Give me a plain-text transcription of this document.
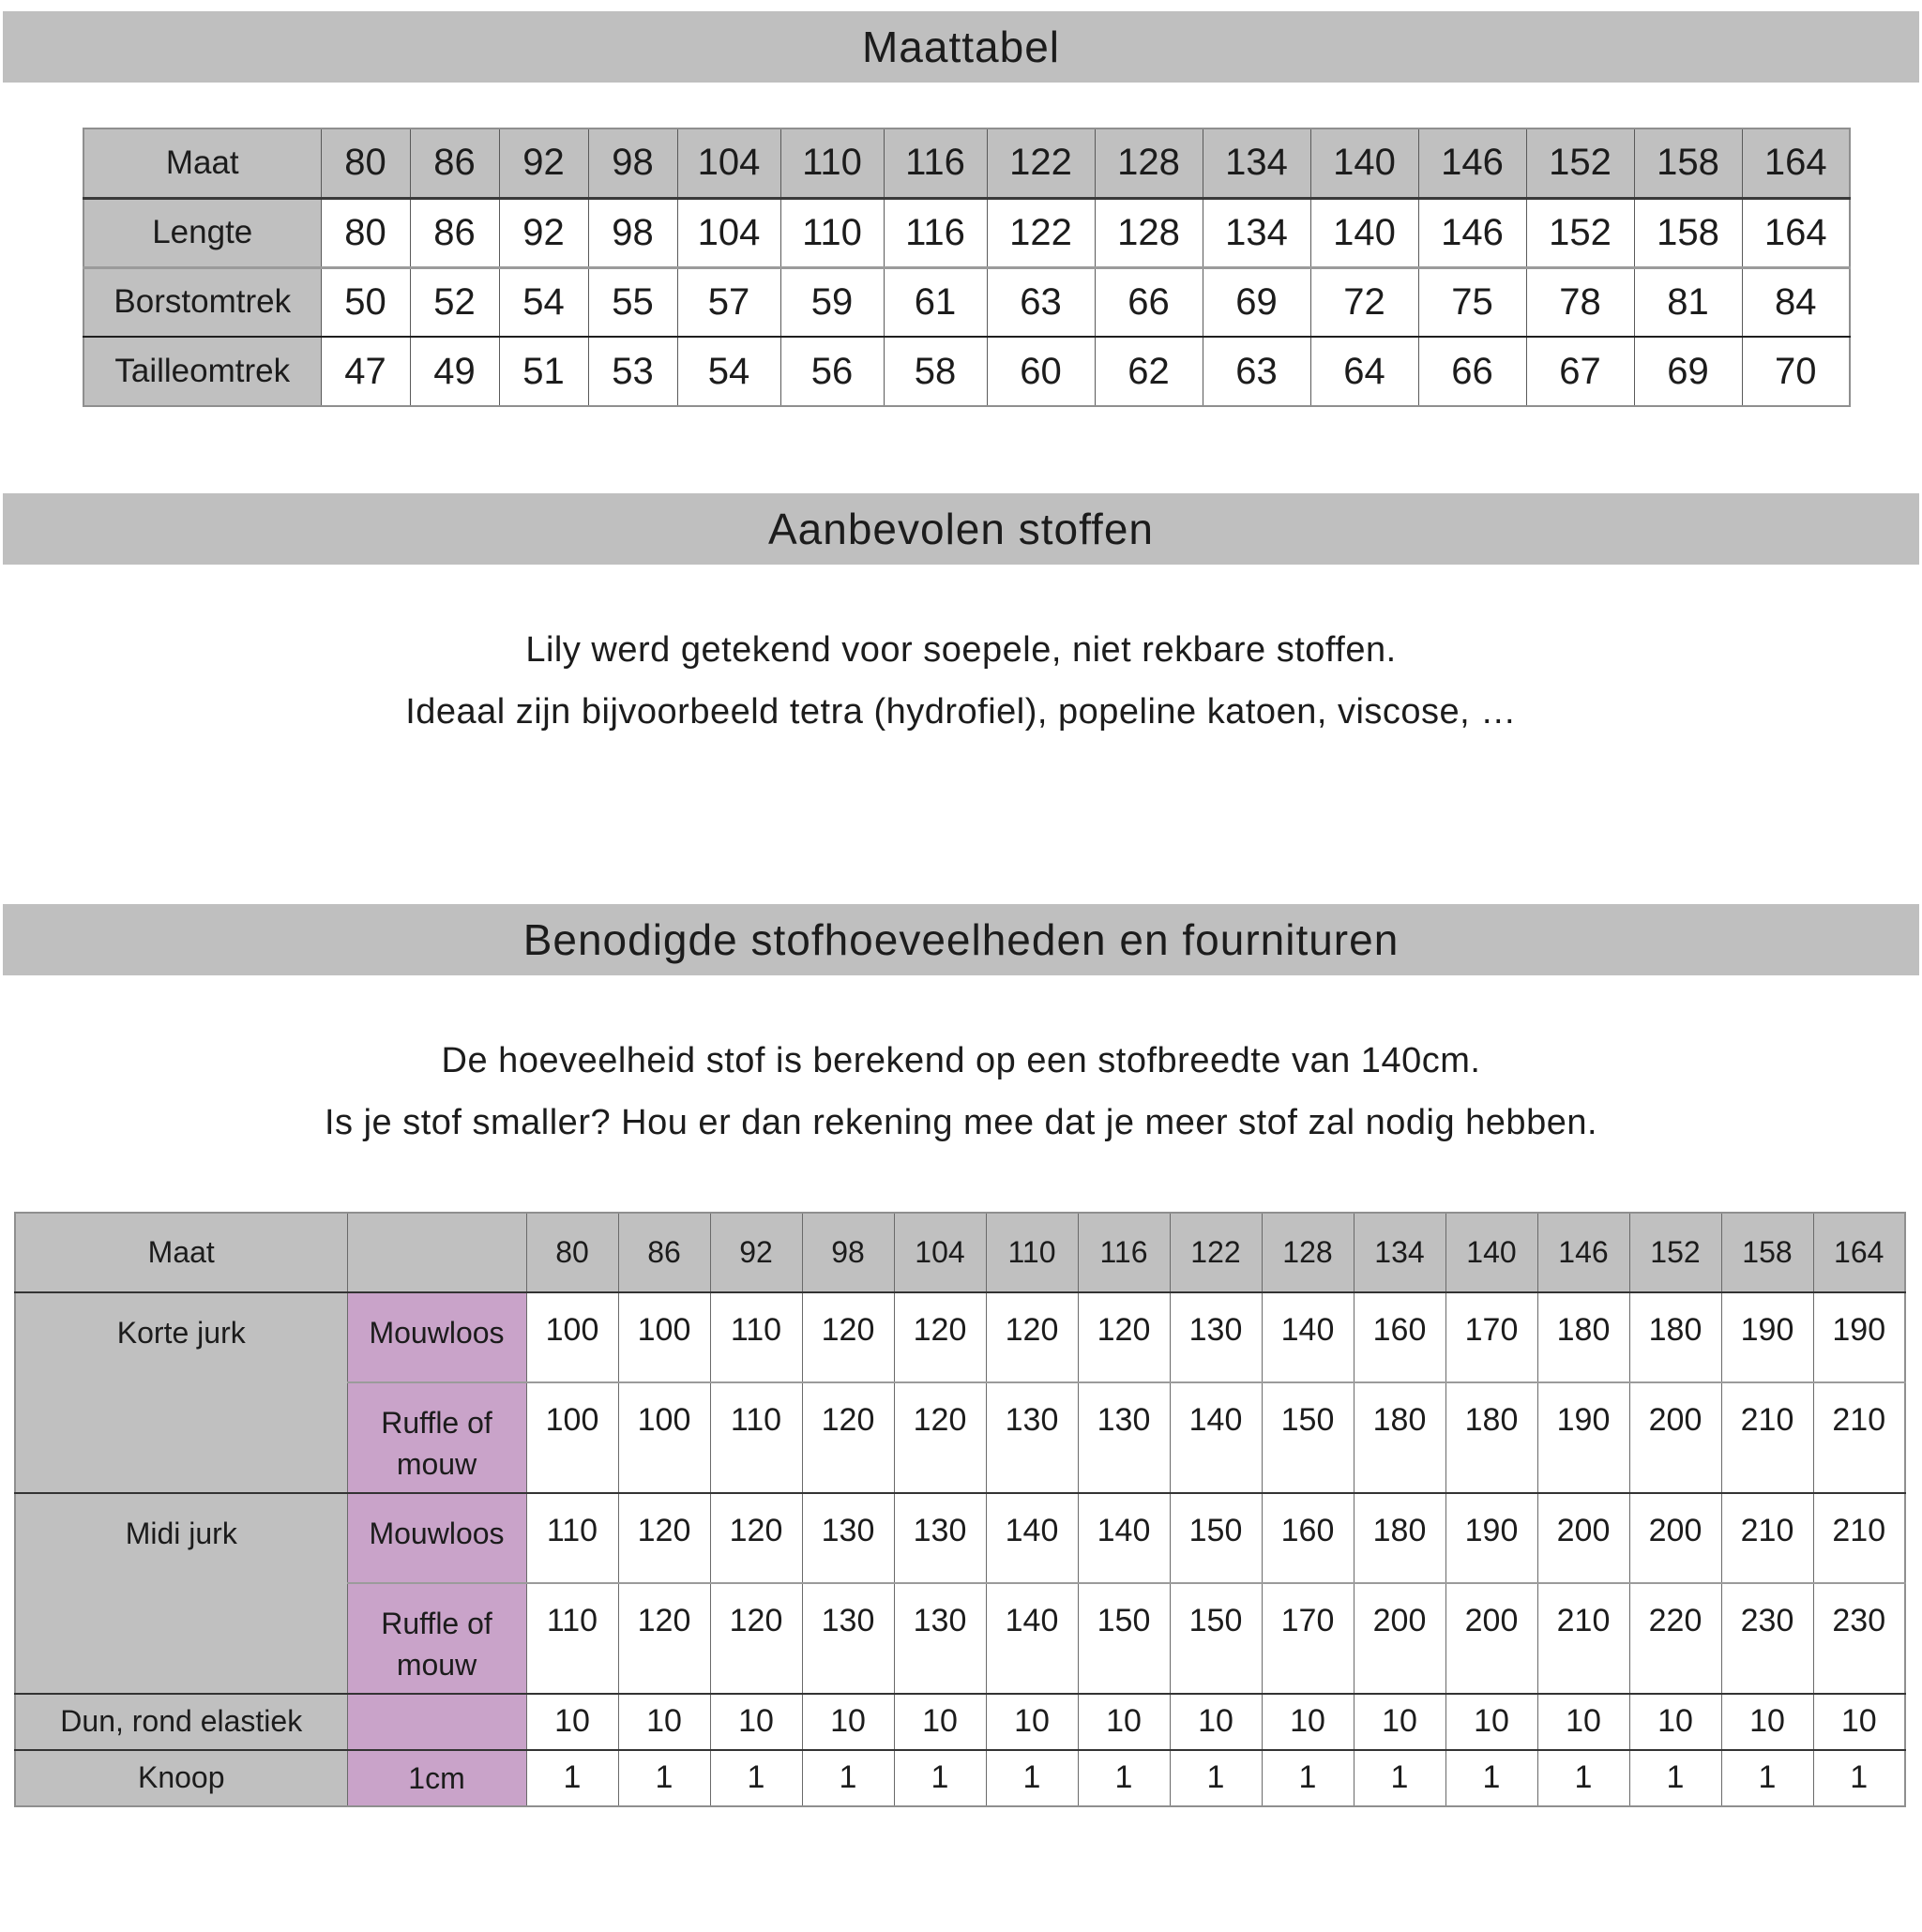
Maattabel
Maat	80	86	92	98	104	110	116	122	128	134	140	146	152	158	164
Lengte	80	86	92	98	104	110	116	122	128	134	140	146	152	158	164
Borstomtrek	50	52	54	55	57	59	61	63	66	69	72	75	78	81	84
Tailleomtrek	47	49	51	53	54	56	58	60	62	63	64	66	67	69	70
Aanbevolen stoffen
Lily werd getekend voor soepele, niet rekbare stoffen.
Ideaal zijn bijvoorbeeld tetra (hydrofiel), popeline katoen, viscose, …
Benodigde stofhoeveelheden en fournituren
De hoeveelheid stof is berekend op een stofbreedte van 140cm.
Is je stof smaller? Hou er dan rekening mee dat je meer stof zal nodig hebben.
Maat		80	86	92	98	104	110	116	122	128	134	140	146	152	158	164
Korte jurk	Mouwloos	100	100	110	120	120	120	120	130	140	160	170	180	180	190	190
	Ruffle of mouw	100	100	110	120	120	130	130	140	150	180	180	190	200	210	210
Midi jurk	Mouwloos	110	120	120	130	130	140	140	150	160	180	190	200	200	210	210
	Ruffle of mouw	110	120	120	130	130	140	150	150	170	200	200	210	220	230	230
Dun, rond elastiek		10	10	10	10	10	10	10	10	10	10	10	10	10	10	10
Knoop	1cm	1	1	1	1	1	1	1	1	1	1	1	1	1	1	1
